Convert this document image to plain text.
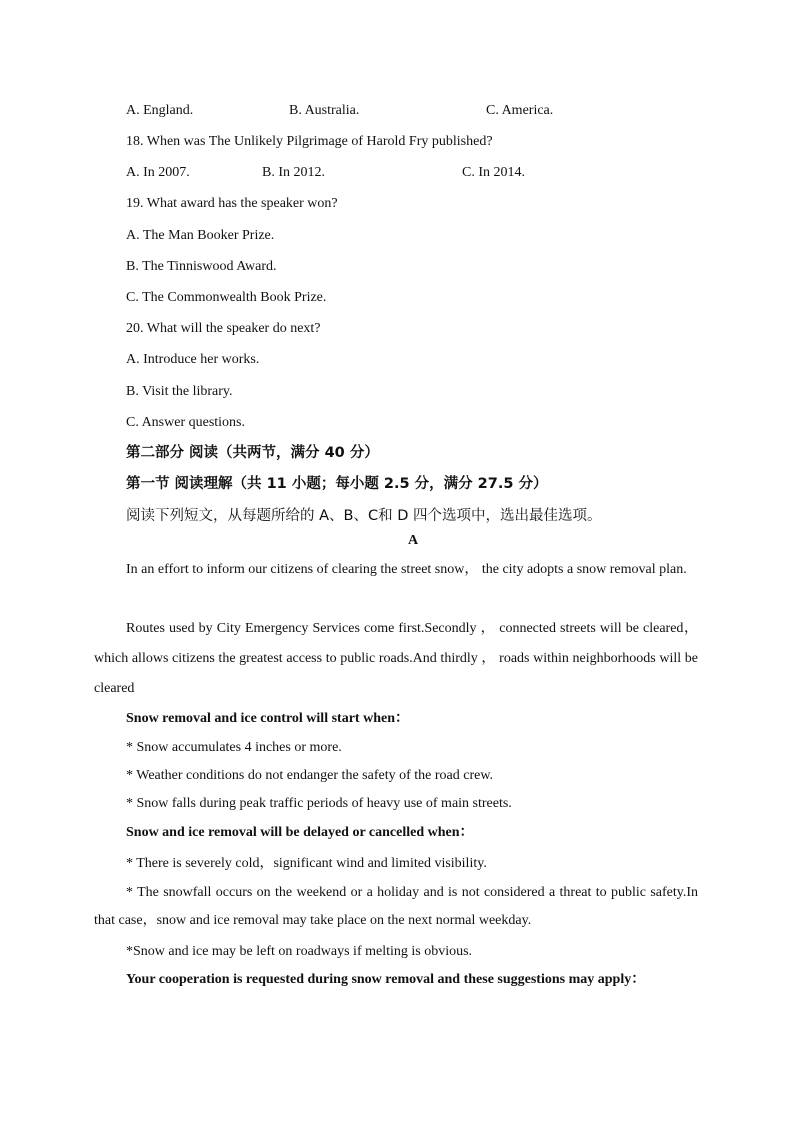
A. England.	B. Australia.	C. America.

18. When was The Unlikely Pilgrimage of Harold Fry published?

A. In 2007.	B. In 2012.	C. In 2014.

19. What award has the speaker won?

A. The Man Booker Prize.

B. The Tinniswood Award.

C. The Commonwealth Book Prize.

20. What will the speaker do next?

A. Introduce her works.

B. Visit the library.

C. Answer questions.

第二部分 阅读（共两节，满分 40 分）

第一节 阅读理解（共 11 小题；每小题 2.5 分，满分 27.5 分）

阅读下列短文，从每题所给的 A、B、C和 D 四个选项中，选出最佳选项。

A

In an effort to inform our citizens of clearing the street snow， the city adopts a snow removal plan.

Routes used by City Emergency Services come first.Secondly ， connected streets will be cleared， which allows citizens the greatest access to public roads.And thirdly ， roads within neighborhoods will be cleared

Snow removal and ice control will start when：

* Snow accumulates 4 inches or more.

* Weather conditions do not endanger the safety of the road crew.

* Snow falls during peak traffic periods of heavy use of main streets.

Snow and ice removal will be delayed or cancelled when：

* There is severely cold，significant wind and limited visibility.

* The snowfall occurs on the weekend or a holiday and is not considered a threat to public safety.In that case，snow and ice removal may take place on the next normal weekday.

*Snow and ice may be left on roadways if melting is obvious.

Your cooperation is requested during snow removal and these suggestions may apply：
